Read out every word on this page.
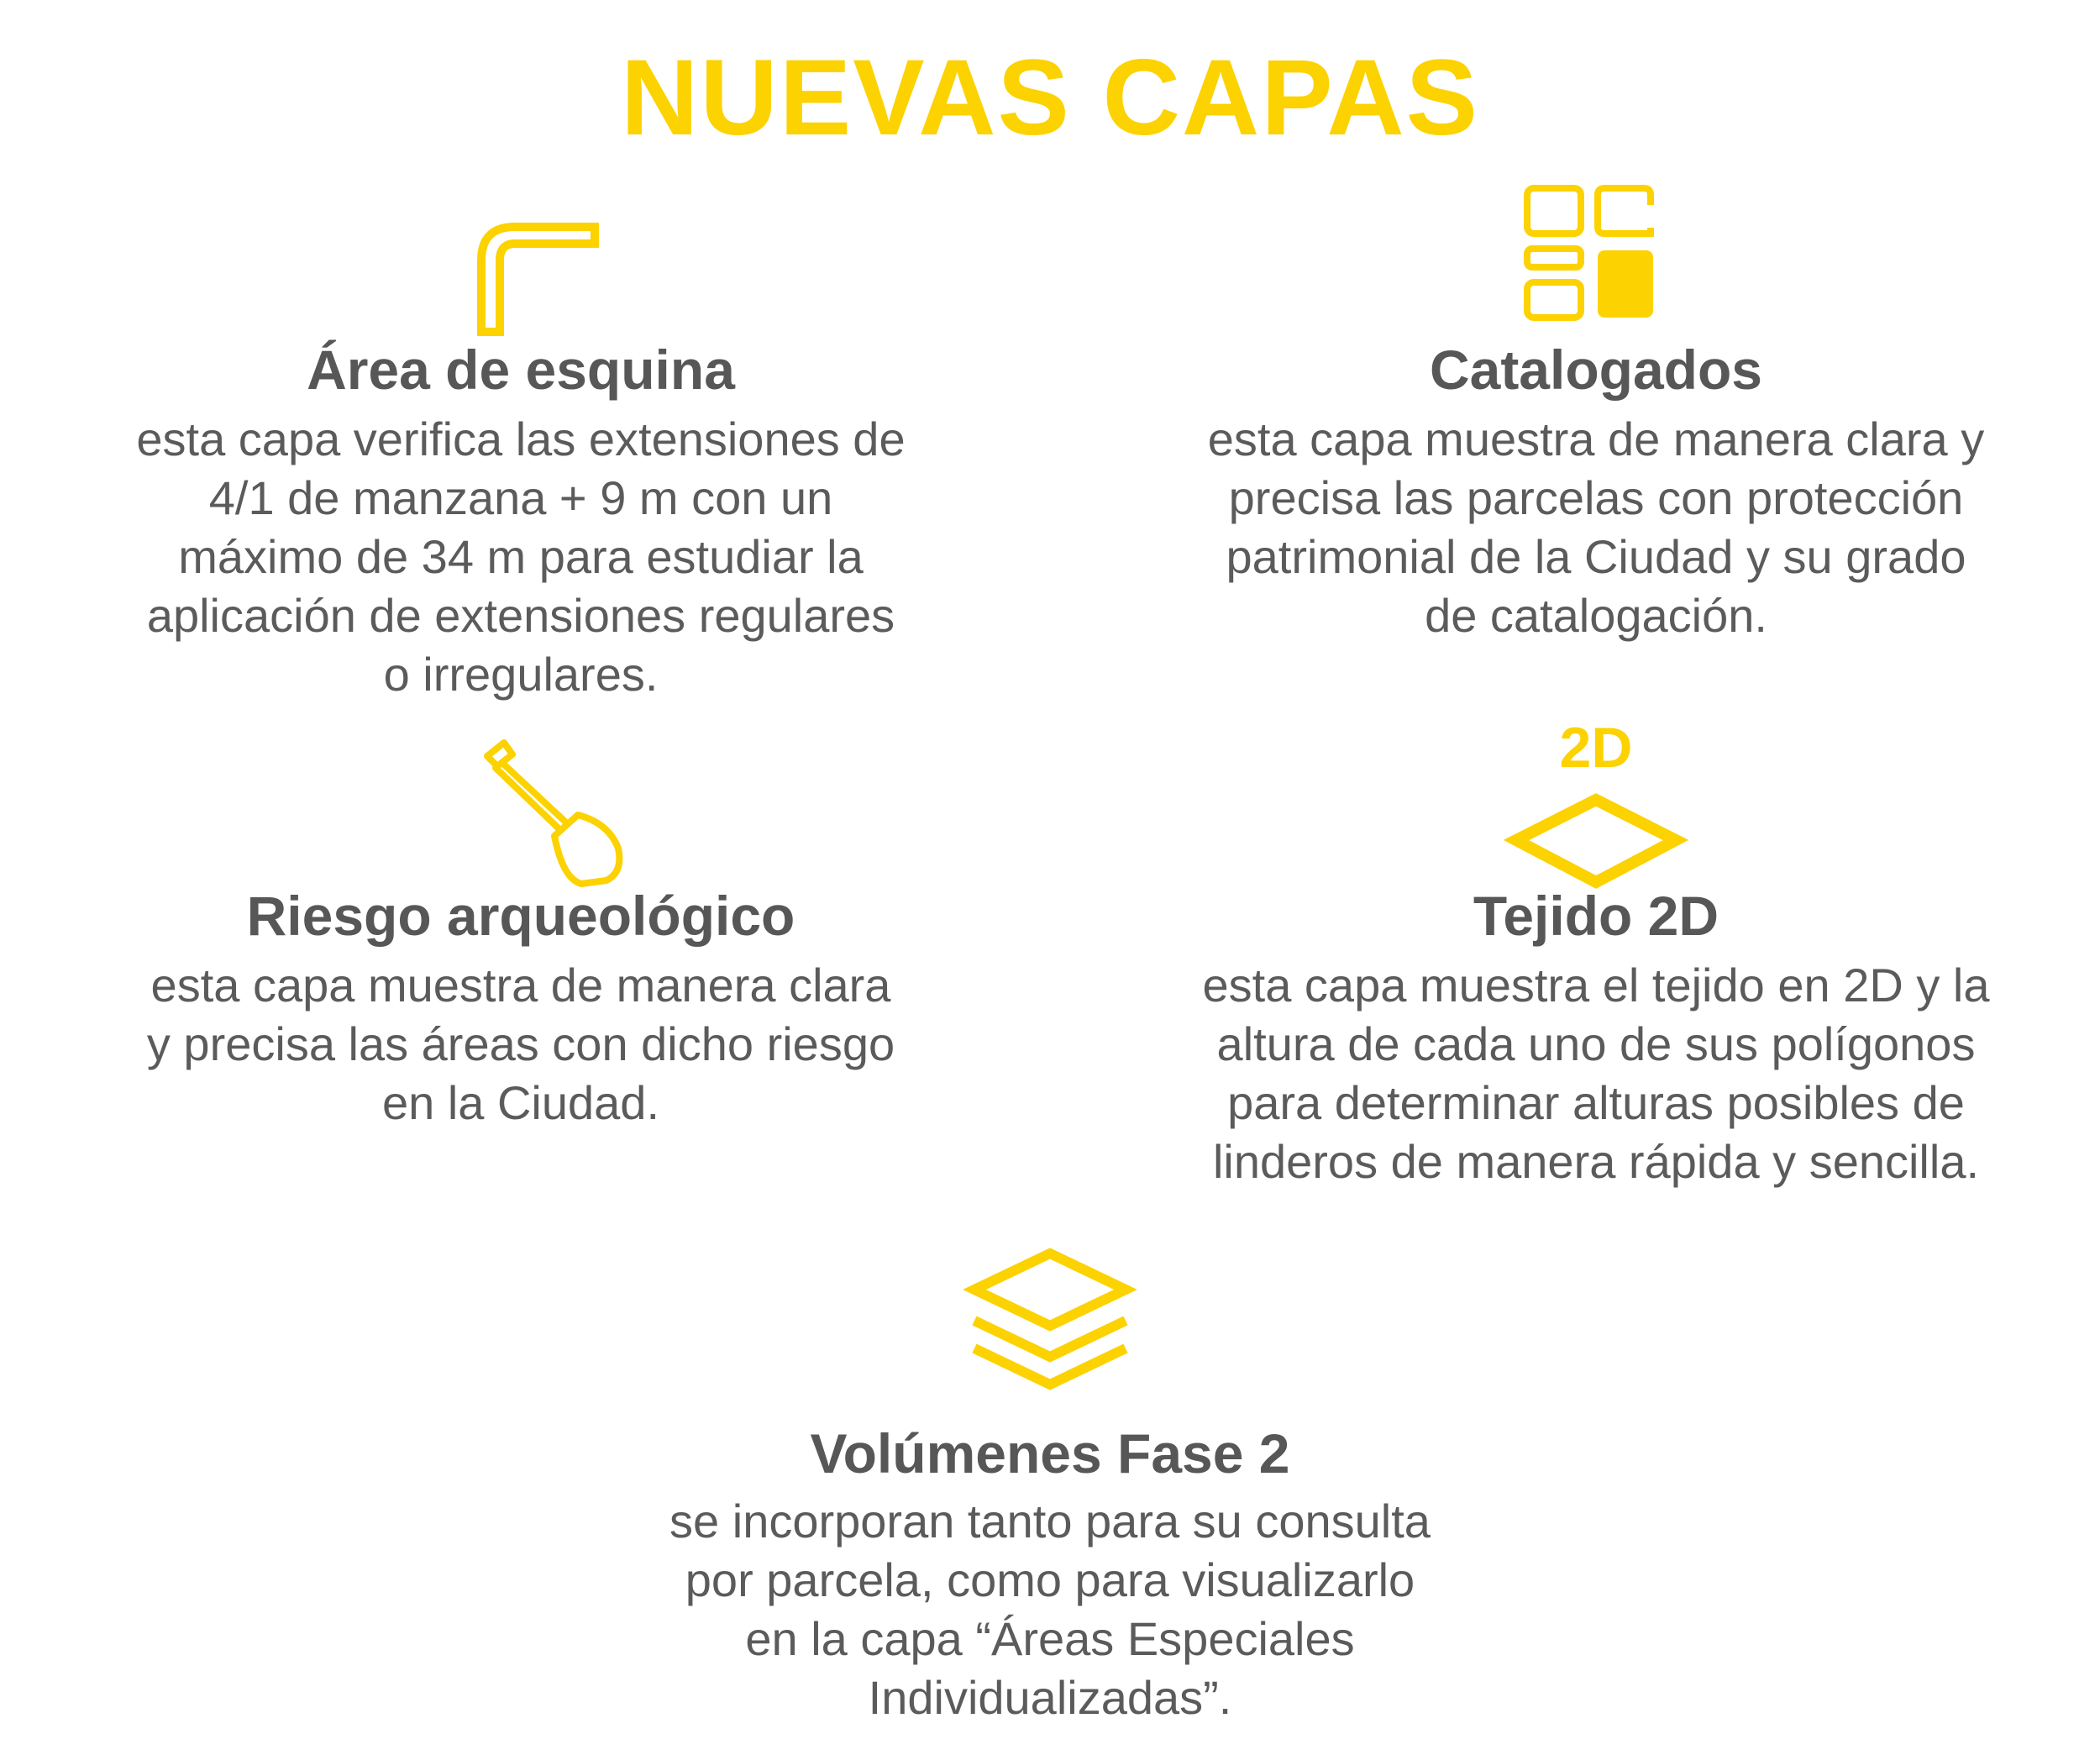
NUEVAS CAPAS
Área de esquina
esta capa verifica las extensiones de
4/1 de manzana + 9 m con un
máximo de 34 m para estudiar la
aplicación de extensiones regulares
o irregulares.
Catalogados
esta capa muestra de manera clara y
precisa las parcelas con protección
patrimonial de la Ciudad y su grado
de catalogación.
Riesgo arqueológico
esta capa muestra de manera clara
y precisa las áreas con dicho riesgo
en la Ciudad.
2D
Tejido 2D
esta capa muestra el tejido en 2D y la
altura de cada uno de sus polígonos
para determinar alturas posibles de
linderos de manera rápida y sencilla.
Volúmenes Fase 2
se incorporan tanto para su consulta
por parcela, como para visualizarlo
en la capa “Áreas Especiales
Individualizadas”.
